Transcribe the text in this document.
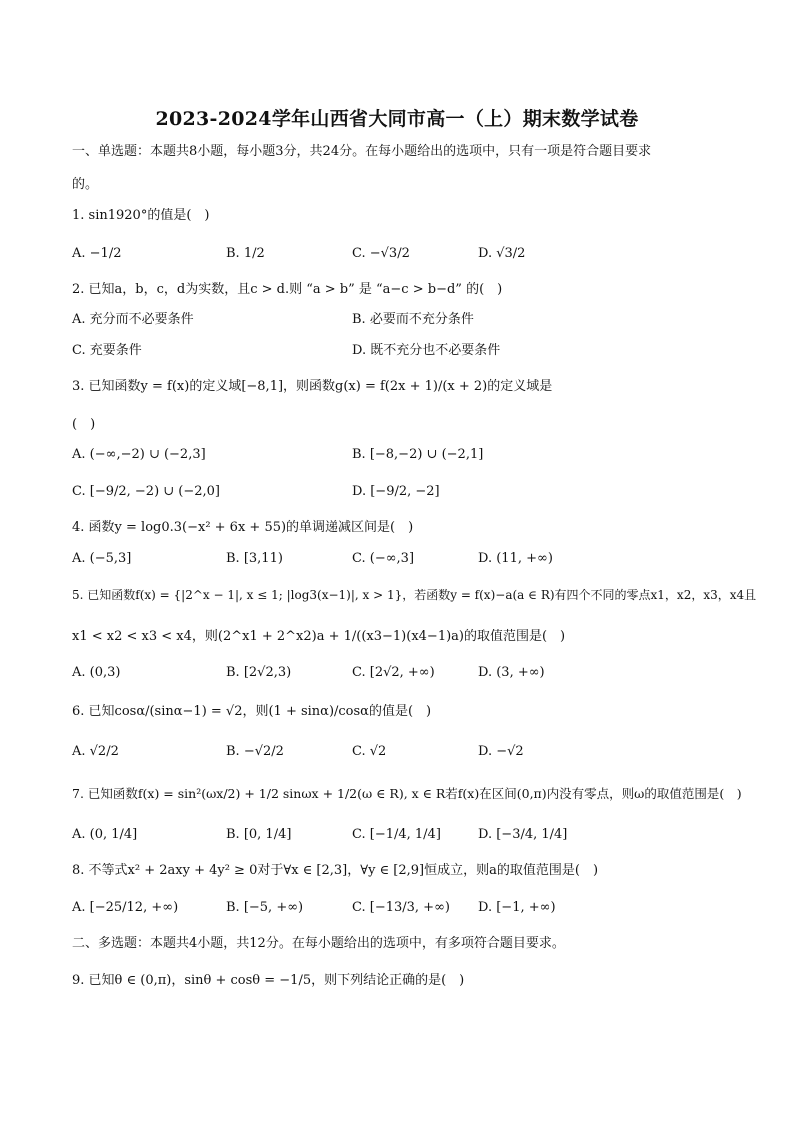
2023-2024学年山西省大同市高一（上）期末数学试卷
一、单选题：本题共8小题，每小题3分，共24分。在每小题给出的选项中，只有一项是符合题目要求
的。
1. sin1920°的值是(　)
A. −1/2	B. 1/2	C. −√3/2	D. √3/2
2. 已知a，b，c，d为实数，且c > d.则 “a > b” 是 “a−c > b−d” 的(　)
A. 充分而不必要条件	B. 必要而不充分条件
C. 充要条件	D. 既不充分也不必要条件
3. 已知函数y = f(x)的定义域[−8,1]，则函数g(x) = f(2x + 1)/(x + 2)的定义域是
(　)
A. (−∞,−2) ∪ (−2,3]	B. [−8,−2) ∪ (−2,1]
C. [−9/2, −2) ∪ (−2,0]	D. [−9/2, −2]
4. 函数y = log0.3(−x² + 6x + 55)的单调递减区间是(　)
A. (−5,3]	B. [3,11)	C. (−∞,3]	D. (11, +∞)
5. 已知函数f(x) = {|2^x − 1|, x ≤ 1; |log3(x−1)|, x > 1}，若函数y = f(x)−a(a ∈ R)有四个不同的零点x1，x2，x3，x4且
x1 < x2 < x3 < x4，则(2^x1 + 2^x2)a + 1/((x3−1)(x4−1)a)的取值范围是(　)
A. (0,3)	B. [2√2,3)	C. [2√2, +∞)	D. (3, +∞)
6. 已知cosα/(sinα−1) = √2，则(1 + sinα)/cosα的值是(　)
A. √2/2	B. −√2/2	C. √2	D. −√2
7. 已知函数f(x) = sin²(ωx/2) + 1/2 sinωx + 1/2(ω ∈ R), x ∈ R若f(x)在区间(0,π)内没有零点，则ω的取值范围是(　)
A. (0, 1/4]	B. [0, 1/4]	C. [−1/4, 1/4]	D. [−3/4, 1/4]
8. 不等式x² + 2axy + 4y² ≥ 0对于∀x ∈ [2,3]，∀y ∈ [2,9]恒成立，则a的取值范围是(　)
A. [−25/12, +∞)	B. [−5, +∞)	C. [−13/3, +∞) D. [−1, +∞)
二、多选题：本题共4小题，共12分。在每小题给出的选项中，有多项符合题目要求。
9. 已知θ ∈ (0,π)，sinθ + cosθ = −1/5，则下列结论正确的是(　)
